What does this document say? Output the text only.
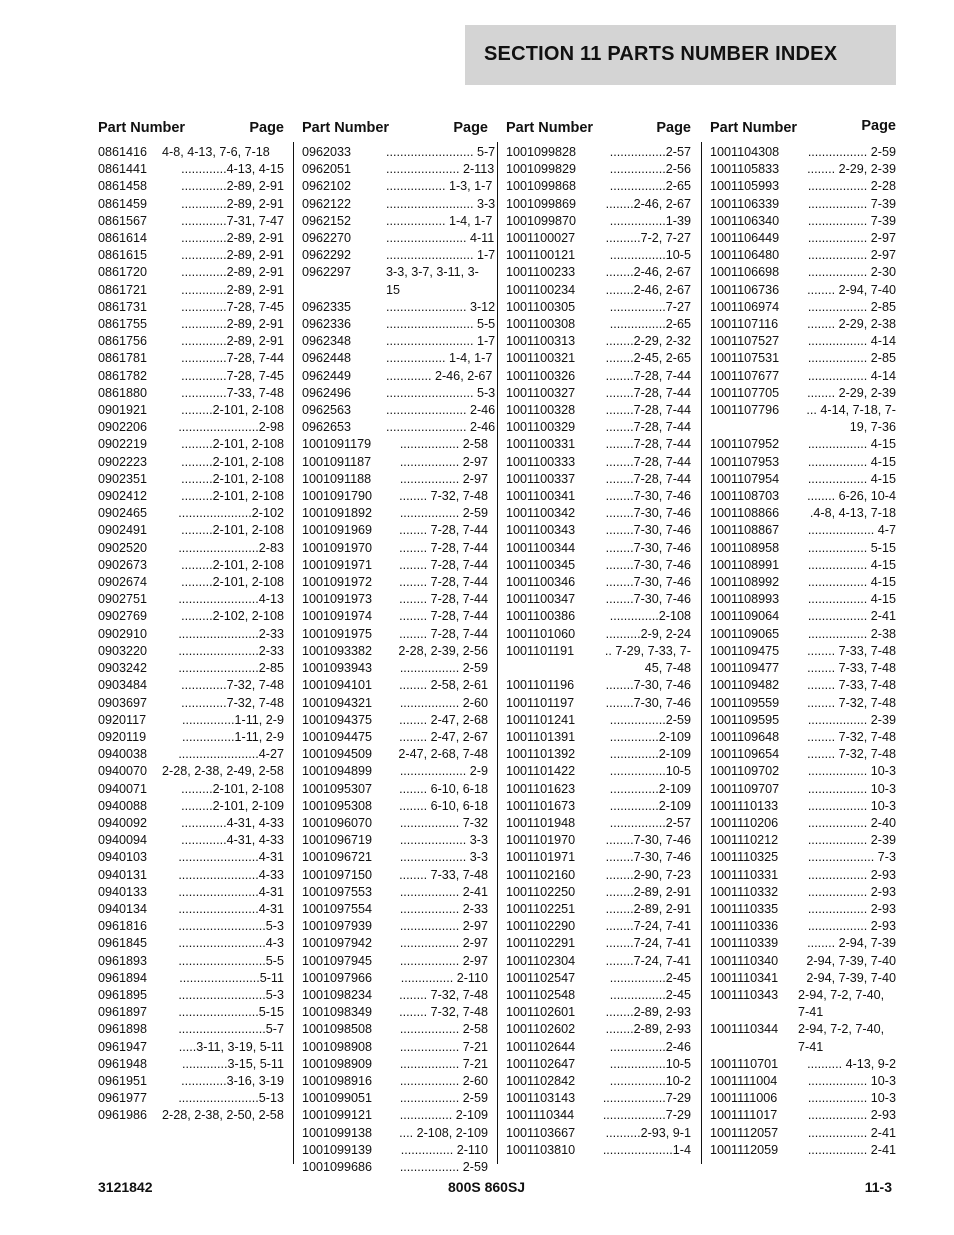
SECTION 11 PARTS NUMBER INDEX
Part Number	Page
0861416 4-8, 4-13, 7-6, 7-18
0861441	.............4-13, 4-15
0861458	.............2-89, 2-91
0861459	.............2-89, 2-91
0861567	.............7-31, 7-47
0861614	.............2-89, 2-91
0861615	.............2-89, 2-91
0861720	.............2-89, 2-91
0861721	.............2-89, 2-91
0861731	.............7-28, 7-45
0861755	.............2-89, 2-91
0861756	.............2-89, 2-91
0861781	.............7-28, 7-44
0861782	.............7-28, 7-45
0861880	.............7-33, 7-48
0901921	.........2-101, 2-108
0902206	.......................2-98
0902219	.........2-101, 2-108
0902223	.........2-101, 2-108
0902351	.........2-101, 2-108
0902412	.........2-101, 2-108
0902465	.....................2-102
0902491	.........2-101, 2-108
0902520	.......................2-83
0902673	.........2-101, 2-108
0902674	.........2-101, 2-108
0902751	.......................4-13
0902769	.........2-102, 2-108
0902910	.......................2-33
0903220	.......................2-33
0903242	.......................2-85
0903484	.............7-32, 7-48
0903697	.............7-32, 7-48
0920117	...............1-11, 2-9
0920119	...............1-11, 2-9
0940038	.......................4-27
0940070 2-28, 2-38, 2-49, 2-58
0940071	.........2-101, 2-108
0940088	.........2-101, 2-109
0940092	.............4-31, 4-33
0940094	.............4-31, 4-33
0940103	.......................4-31
0940131	.......................4-33
0940133	.......................4-31
0940134	.......................4-31
0961816	.........................5-3
0961845	.........................4-3
0961893	.........................5-5
0961894	.......................5-11
0961895	.........................5-3
0961897	.......................5-15
0961898	.........................5-7
0961947	.....3-11, 3-19, 5-11
0961948	.............3-15, 5-11
0961951	.............3-16, 3-19
0961977	.......................5-13
0961986 2-28, 2-38, 2-50, 2-58
Part Number	Page
0962033	......................... 5-7
0962051	..................... 2-113
0962102	................. 1-3, 1-7
0962122	......................... 3-3
0962152	................. 1-4, 1-7
0962270	....................... 4-11
0962292	......................... 1-7
0962297	3-3, 3-7, 3-11, 3-15
0962335	....................... 3-12
0962336	......................... 5-5
0962348	......................... 1-7
0962448	................. 1-4, 1-7
0962449	............. 2-46, 2-67
0962496	......................... 5-3
0962563	....................... 2-46
0962653	....................... 2-46
1001091179	................. 2-58
1001091187	................. 2-97
1001091188	................. 2-97
1001091790	........ 7-32, 7-48
1001091892	................. 2-59
1001091969	........ 7-28, 7-44
1001091970	........ 7-28, 7-44
1001091971	........ 7-28, 7-44
1001091972	........ 7-28, 7-44
1001091973	........ 7-28, 7-44
1001091974	........ 7-28, 7-44
1001091975	........ 7-28, 7-44
1001093382	2-28, 2-39, 2-56
1001093943	................. 2-59
1001094101	........ 2-58, 2-61
1001094321	................. 2-60
1001094375	........ 2-47, 2-68
1001094475	........ 2-47, 2-67
1001094509	2-47, 2-68, 7-48
1001094899	................... 2-9
1001095307	........ 6-10, 6-18
1001095308	........ 6-10, 6-18
1001096070	................. 7-32
1001096719	................... 3-3
1001096721	................... 3-3
1001097150	........ 7-33, 7-48
1001097553	................. 2-41
1001097554	................. 2-33
1001097939	................. 2-97
1001097942	................. 2-97
1001097945	................. 2-97
1001097966	............... 2-110
1001098234	........ 7-32, 7-48
1001098349	........ 7-32, 7-48
1001098508	................. 2-58
1001098908	................. 7-21
1001098909	................. 7-21
1001098916	................. 2-60
1001099051	................. 2-59
1001099121	............... 2-109
1001099138	.... 2-108, 2-109
1001099139	............... 2-110
1001099686	................. 2-59
Part Number	Page
1001099828	................2-57
1001099829	................2-56
1001099868	................2-65
1001099869	........2-46, 2-67
1001099870	................1-39
1001100027	..........7-2, 7-27
1001100121	................10-5
1001100233	........2-46, 2-67
1001100234	........2-46, 2-67
1001100305	................7-27
1001100308	................2-65
1001100313	........2-29, 2-32
1001100321	........2-45, 2-65
1001100326	........7-28, 7-44
1001100327	........7-28, 7-44
1001100328	........7-28, 7-44
1001100329	........7-28, 7-44
1001100331	........7-28, 7-44
1001100333	........7-28, 7-44
1001100337	........7-28, 7-44
1001100341	........7-30, 7-46
1001100342	........7-30, 7-46
1001100343	........7-30, 7-46
1001100344	........7-30, 7-46
1001100345	........7-30, 7-46
1001100346	........7-30, 7-46
1001100347	........7-30, 7-46
1001100386	..............2-108
1001101060	..........2-9, 2-24
1001101191	.. 7-29, 7-33, 7-45, 7-48
1001101196	........7-30, 7-46
1001101197	........7-30, 7-46
1001101241	................2-59
1001101391	..............2-109
1001101392	..............2-109
1001101422	................10-5
1001101623	..............2-109
1001101673	..............2-109
1001101948	................2-57
1001101970	........7-30, 7-46
1001101971	........7-30, 7-46
1001102160	........2-90, 7-23
1001102250	........2-89, 2-91
1001102251	........2-89, 2-91
1001102290	........7-24, 7-41
1001102291	........7-24, 7-41
1001102304	........7-24, 7-41
1001102547	................2-45
1001102548	................2-45
1001102601	........2-89, 2-93
1001102602	........2-89, 2-93
1001102644	................2-46
1001102647	................10-5
1001102842	................10-2
1001103143	..................7-29
1001110344	..................7-29
1001103667	..........2-93, 9-1
1001103810	....................1-4
Part Number	Page
1001104308	................. 2-59
1001105833	........ 2-29, 2-39
1001105993	................. 2-28
1001106339	................. 7-39
1001106340	................. 7-39
1001106449	................. 2-97
1001106480	................. 2-97
1001106698	................. 2-30
1001106736	........ 2-94, 7-40
1001106974	................. 2-85
1001107116	........ 2-29, 2-38
1001107527	................. 4-14
1001107531	................. 2-85
1001107677	................. 4-14
1001107705	........ 2-29, 2-39
1001107796	... 4-14, 7-18, 7-19, 7-36
1001107952	................. 4-15
1001107953	................. 4-15
1001107954	................. 4-15
1001108703	........ 6-26, 10-4
1001108866	.4-8, 4-13, 7-18
1001108867	................... 4-7
1001108958	................. 5-15
1001108991	................. 4-15
1001108992	................. 4-15
1001108993	................. 4-15
1001109064	................. 2-41
1001109065	................. 2-38
1001109475	........ 7-33, 7-48
1001109477	........ 7-33, 7-48
1001109482	........ 7-33, 7-48
1001109559	........ 7-32, 7-48
1001109595	................. 2-39
1001109648	........ 7-32, 7-48
1001109654	........ 7-32, 7-48
1001109702	................. 10-3
1001109707	................. 10-3
1001110133	................. 10-3
1001110206	................. 2-40
1001110212	................. 2-39
1001110325	................... 7-3
1001110331	................. 2-93
1001110332	................. 2-93
1001110335	................. 2-93
1001110336	................. 2-93
1001110339	........ 2-94, 7-39
1001110340	2-94, 7-39, 7-40
1001110341	2-94, 7-39, 7-40
1001110343 2-94, 7-2, 7-40, 7-41
1001110344 2-94, 7-2, 7-40, 7-41
1001110701	.......... 4-13, 9-2
1001111004	................. 10-3
1001111006	................. 10-3
1001111017	................. 2-93
1001112057	................. 2-41
1001112059	................. 2-41
3121842	800S 860SJ	11-3
